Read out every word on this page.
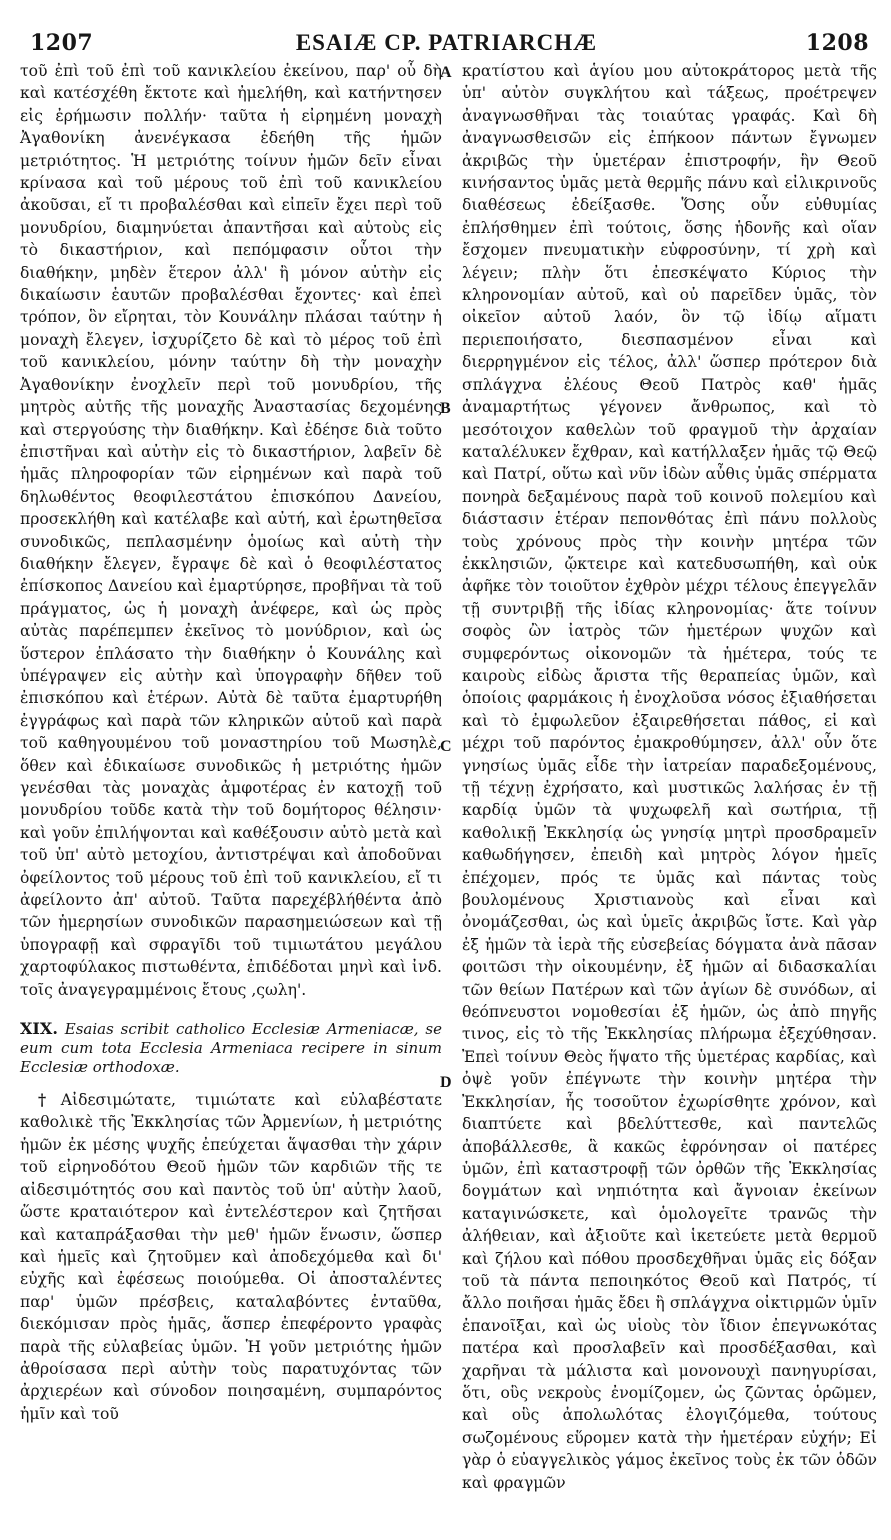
1207	ESAIÆ CP. PATRIARCHÆ	1208
A
B
C
D

τοῦ ἐπὶ τοῦ ἐπὶ τοῦ κανικλείου ἐκείνου, παρ' οὗ δὴ καὶ κατέσχέθη ἔκτοτε καὶ ἠμελήθη, καὶ κατήντησεν εἰς ἐρήμωσιν πολλήν· ταῦτα ἡ εἰρημένη μοναχὴ Ἀγαθονίκη ἀνενέγκασα ἐδεήθη τῆς ἡμῶν μετριότητος. Ἡ μετριότης τοίνυν ἡμῶν δεῖν εἶναι κρίνασα καὶ τοῦ μέρους τοῦ ἐπὶ τοῦ κανικλείου ἀκοῦσαι, εἴ τι προβαλέσθαι καὶ εἰπεῖν ἔχει περὶ τοῦ μονυδρίου, διαμηνύεται ἀπαντῆσαι καὶ αὐτοὺς εἰς τὸ δικαστήριον, καὶ πεπόμφασιν οὗτοι τὴν διαθήκην, μηδὲν ἕτερον ἀλλ' ἢ μόνον αὐτὴν εἰς δικαίωσιν ἑαυτῶν προβαλέσθαι ἔχοντες· καὶ ἐπεὶ τρόπον, ὃν εἴρηται, τὸν Κουνάλην πλάσαι ταύτην ἡ μοναχὴ ἔλεγεν, ἰσχυρίζετο δὲ καὶ τὸ μέρος τοῦ ἐπὶ τοῦ κανικλείου, μόνην ταύτην δὴ τὴν μοναχὴν Ἀγαθονίκην ἐνοχλεῖν περὶ τοῦ μονυδρίου, τῆς μητρὸς αὐτῆς τῆς μοναχῆς Ἀναστασίας δεχομένης καὶ στεργούσης τὴν διαθήκην. Καὶ ἐδέησε διὰ τοῦτο ἐπιστῆναι καὶ αὐτὴν εἰς τὸ δικαστήριον, λαβεῖν δὲ ἡμᾶς πληροφορίαν τῶν εἰρημένων καὶ παρὰ τοῦ δηλωθέντος θεοφιλεστάτου ἐπισκόπου Δανείου, προσεκλήθη καὶ κατέλαβε καὶ αὐτή, καὶ ἐρωτηθεῖσα συνοδικῶς, πεπλασμένην ὁμοίως καὶ αὐτὴ τὴν διαθήκην ἔλεγεν, ἔγραψε δὲ καὶ ὁ θεοφιλέστατος ἐπίσκοπος Δανείου καὶ ἐμαρτύρησε, προβῆναι τὰ τοῦ πράγματος, ὡς ἡ μοναχὴ ἀνέφερε, καὶ ὡς πρὸς αὐτὰς παρέπεμπεν ἐκεῖνος τὸ μονύδριον, καὶ ὡς ὕστερον ἐπλάσατο τὴν διαθήκην ὁ Κουνάλης καὶ ὑπέγραψεν εἰς αὐτὴν καὶ ὑπογραφὴν δῆθεν τοῦ ἐπισκόπου καὶ ἑτέρων. Αὐτὰ δὲ ταῦτα ἐμαρτυρήθη ἐγγράφως καὶ παρὰ τῶν κληρικῶν αὐτοῦ καὶ παρὰ τοῦ καθηγουμένου τοῦ μοναστηρίου τοῦ Μωσηλὲ, ὅθεν καὶ ἐδικαίωσε συνοδικῶς ἡ μετριότης ἡμῶν γενέσθαι τὰς μοναχὰς ἀμφοτέρας ἐν κατοχῇ τοῦ μονυδρίου τοῦδε κατὰ τὴν τοῦ δομήτορος θέλησιν· καὶ γοῦν ἐπιλήψονται καὶ καθέξουσιν αὐτὸ μετὰ καὶ τοῦ ὑπ' αὐτὸ μετοχίου, ἀντιστρέψαι καὶ ἀποδοῦναι ὀφείλοντος τοῦ μέρους τοῦ ἐπὶ τοῦ κανικλείου, εἴ τι ἀφείλοντο ἀπ' αὐτοῦ. Ταῦτα παρεχέβλήθέντα ἀπὸ τῶν ἡμερησίων συνοδικῶν παρασημειώσεων καὶ τῇ ὑπογραφῇ καὶ σφραγῖδι τοῦ τιμιωτάτου μεγάλου χαρτοφύλακος πιστωθέντα, ἐπιδέδοται μηνὶ καὶ ἰνδ. τοῖς ἀναγεγραμμένοις ἔτους ,ςωλη'.

XIX. Esaias scribit catholico Ecclesiæ Armeniacæ, se eum cum tota Ecclesia Armeniaca recipere in sinum Ecclesiæ orthodoxæ.

†Αἰδεσιμώτατε, τιμιώτατε καὶ εὐλαβέστατε καθολικὲ τῆς Ἐκκλησίας τῶν Ἀρμενίων, ἡ μετριότης ἡμῶν ἐκ μέσης ψυχῆς ἐπεύχεται ἅψασθαι τὴν χάριν τοῦ εἰρηνοδότου Θεοῦ ἡμῶν τῶν καρδιῶν τῆς τε αἰδεσιμότητός σου καὶ παντὸς τοῦ ὑπ' αὐτὴν λαοῦ, ὥστε κραταιότερον καὶ ἐντελέστερον καὶ ζητῆσαι καὶ καταπράξασθαι τὴν μεθ' ἡμῶν ἕνωσιν, ὥσπερ καὶ ἡμεῖς καὶ ζητοῦμεν καὶ ἀποδεχόμεθα καὶ δι' εὐχῆς καὶ ἐφέσεως ποιούμεθα. Οἱ ἀποσταλέντες παρ' ὑμῶν πρέσβεις, καταλαβόντες ἐνταῦθα, διεκόμισαν πρὸς ἡμᾶς, ἅσπερ ἐπεφέροντο γραφὰς παρὰ τῆς εὐλαβείας ὑμῶν. Ἡ γοῦν μετριότης ἡμῶν ἀθροίσασα περὶ αὐτὴν τοὺς παρατυχόντας τῶν ἀρχιερέων καὶ σύνοδον ποιησαμένη, συμπαρόντος ἡμῖν καὶ τοῦ

κρατίστου καὶ ἁγίου μου αὐτοκράτορος μετὰ τῆς ὑπ' αὐτὸν συγκλήτου καὶ τάξεως, προέτρεψεν ἀναγνωσθῆναι τὰς τοιαύτας γραφάς. Καὶ δὴ ἀναγνωσθεισῶν εἰς ἐπήκοον πάντων ἔγνωμεν ἀκριβῶς τὴν ὑμετέραν ἐπιστροφήν, ἣν Θεοῦ κινήσαντος ὑμᾶς μετὰ θερμῆς πάνυ καὶ εἰλικρινοῦς διαθέσεως ἐδείξασθε. Ὅσης οὖν εὐθυμίας ἐπλήσθημεν ἐπὶ τούτοις, ὅσης ἡδονῆς καὶ οἵαν ἔσχομεν πνευματικὴν εὐφροσύνην, τί χρὴ καὶ λέγειν; πλὴν ὅτι ἐπεσκέψατο Κύριος τὴν κληρονομίαν αὐτοῦ, καὶ οὐ παρεῖδεν ὑμᾶς, τὸν οἰκεῖον αὐτοῦ λαόν, ὃν τῷ ἰδίῳ αἵματι περιεποιήσατο, διεσπασμένον εἶναι καὶ διερρηγμένον εἰς τέλος, ἀλλ' ὥσπερ πρότερον διὰ σπλάγχνα ἐλέους Θεοῦ Πατρὸς καθ' ἡμᾶς ἀναμαρτήτως γέγονεν ἄνθρωπος, καὶ τὸ μεσότοιχον καθελὼν τοῦ φραγμοῦ τὴν ἀρχαίαν καταλέλυκεν ἔχθραν, καὶ κατήλλαξεν ἡμᾶς τῷ Θεῷ καὶ Πατρί, οὕτω καὶ νῦν ἰδὼν αὖθις ὑμᾶς σπέρματα πονηρὰ δεξαμένους παρὰ τοῦ κοινοῦ πολεμίου καὶ διάστασιν ἑτέραν πεπονθότας ἐπὶ πάνυ πολλοὺς τοὺς χρόνους πρὸς τὴν κοινὴν μητέρα τῶν ἐκκλησιῶν, ᾤκτειρε καὶ κατεδυσωπήθη, καὶ οὐκ ἀφῆκε τὸν τοιοῦτον ἐχθρὸν μέχρι τέλους ἐπεγγελᾶν τῇ συντριβῇ τῆς ἰδίας κληρονομίας· ἅτε τοίνυν σοφὸς ὢν ἰατρὸς τῶν ἡμετέρων ψυχῶν καὶ συμφερόντως οἰκονομῶν τὰ ἡμέτερα, τούς τε καιροὺς εἰδὼς ἄριστα τῆς θεραπείας ὑμῶν, καὶ ὁποίοις φαρμάκοις ἡ ἐνοχλοῦσα νόσος ἐξιαθήσεται καὶ τὸ ἐμφωλεῦον ἐξαιρεθήσεται πάθος, εἰ καὶ μέχρι τοῦ παρόντος ἐμακροθύμησεν, ἀλλ' οὖν ὅτε γνησίως ὑμᾶς εἶδε τὴν ἰατρείαν παραδεξομένους, τῇ τέχνῃ ἐχρήσατο, καὶ μυστικῶς λαλήσας ἐν τῇ καρδίᾳ ὑμῶν τὰ ψυχωφελῆ καὶ σωτήρια, τῇ καθολικῇ Ἐκκλησίᾳ ὡς γνησίᾳ μητρὶ προσδραμεῖν καθωδήγησεν, ἐπειδὴ καὶ μητρὸς λόγον ἡμεῖς ἐπέχομεν, πρός τε ὑμᾶς καὶ πάντας τοὺς βουλομένους Χριστιανοὺς καὶ εἶναι καὶ ὀνομάζεσθαι, ὡς καὶ ὑμεῖς ἀκριβῶς ἴστε. Καὶ γὰρ ἐξ ἡμῶν τὰ ἱερὰ τῆς εὐσεβείας δόγματα ἀνὰ πᾶσαν φοιτῶσι τὴν οἰκουμένην, ἐξ ἡμῶν αἱ διδασκαλίαι τῶν θείων Πατέρων καὶ τῶν ἁγίων δὲ συνόδων, αἱ θεόπνευστοι νομοθεσίαι ἐξ ἡμῶν, ὡς ἀπὸ πηγῆς τινος, εἰς τὸ τῆς Ἐκκλησίας πλήρωμα ἐξεχύθησαν. Ἐπεὶ τοίνυν Θεὸς ἥψατο τῆς ὑμετέρας καρδίας, καὶ ὀψὲ γοῦν ἐπέγνωτε τὴν κοινὴν μητέρα τὴν Ἐκκλησίαν, ἧς τοσοῦτον ἐχωρίσθητε χρόνον, καὶ διαπτύετε καὶ βδελύττεσθε, καὶ παντελῶς ἀποβάλλεσθε, ἃ κακῶς ἐφρόνησαν οἱ πατέρες ὑμῶν, ἐπὶ καταστροφῇ τῶν ὀρθῶν τῆς Ἐκκλησίας δογμάτων καὶ νηπιότητα καὶ ἄγνοιαν ἐκείνων καταγινώσκετε, καὶ ὁμολογεῖτε τρανῶς τὴν ἀλήθειαν, καὶ ἀξιοῦτε καὶ ἱκετεύετε μετὰ θερμοῦ καὶ ζήλου καὶ πόθου προσδεχθῆναι ὑμᾶς εἰς δόξαν τοῦ τὰ πάντα πεποιηκότος Θεοῦ καὶ Πατρός, τί ἄλλο ποιῆσαι ἡμᾶς ἔδει ἢ σπλάγχνα οἰκτιρμῶν ὑμῖν ἐπανοῖξαι, καὶ ὡς υἱοὺς τὸν ἴδιον ἐπεγνωκότας πατέρα καὶ προσλαβεῖν καὶ προσδέξασθαι, καὶ χαρῆναι τὰ μάλιστα καὶ μονονουχὶ πανηγυρίσαι, ὅτι, οὓς νεκροὺς ἐνομίζομεν, ὡς ζῶντας ὁρῶμεν, καὶ οὓς ἀπολωλότας ἐλογιζόμεθα, τούτους σωζομένους εὕρομεν κατὰ τὴν ἡμετέραν εὐχήν; Εἰ γὰρ ὁ εὐαγγελικὸς γάμος ἐκεῖνος τοὺς ἐκ τῶν ὁδῶν καὶ φραγμῶν
